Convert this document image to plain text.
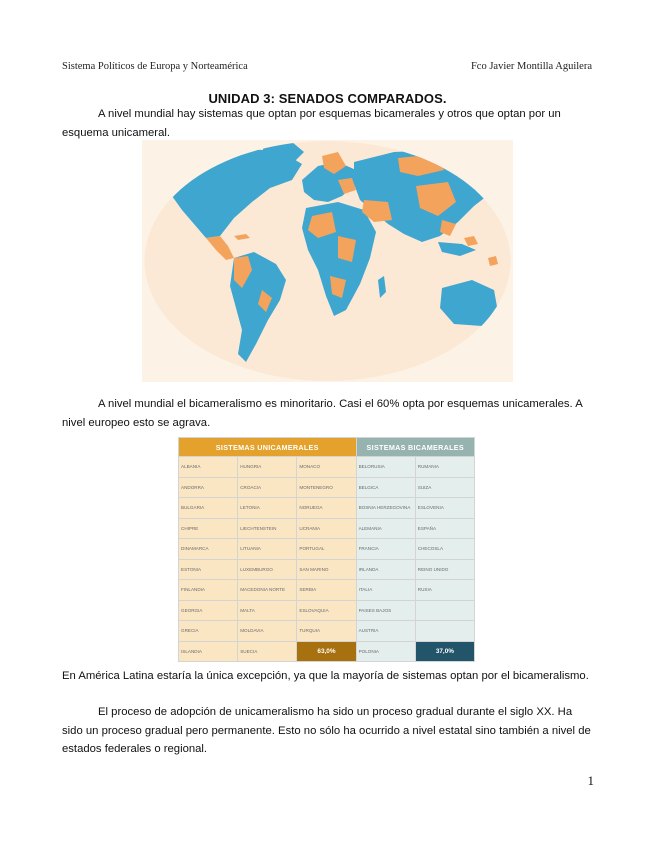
Sistema Políticos de Europa y Norteamérica	Fco Javier Montilla Aguilera
UNIDAD 3: SENADOS COMPARADOS.

A nivel mundial hay sistemas que optan por esquemas bicamerales y otros que optan por un esquema unicameral.

A nivel mundial el bicameralismo es minoritario. Casi el 60% opta por esquemas unicamerales. A nivel europeo esto se agrava.

SISTEMAS UNICAMERALES			SISTEMAS BICAMERALES	
ALBANIA	HUNGRIA	MONACO	BELORUSIA	RUMANIA
ANDORRA	CROACIA	MONTENEGRO	BELGICA	SUIZA
BULGARIA	LETONIA	NORUEGA	BOSNIA HERZEGOVINA	ESLOVENIA
CHIPRE	LIECHTENSTEIN	UCRANIA	ALEMANIA	ESPAÑA
DINAMARCA	LITUANIA	PORTUGAL	FRANCIA	CHECOSLA
ESTONIA	LUXEMBURGO	SAN MARINO	IRLANDA	REINO UNIDO
FINLANDIA	MACEDONIA NORTE	SERBIA	ITALIA	RUSIA
GEORGIA	MALTA	ESLOVAQUIA	PAISES BAJOS	
GRECIA	MOLDAVIA	TURQUIA	AUSTRIA	
ISLANDIA	SUECIA	63,0%	POLONIA	37,0%

En América Latina estaría la única excepción, ya que la mayoría de sistemas optan por el bicameralismo.

El proceso de adopción de unicameralismo ha sido un proceso gradual durante el siglo XX. Ha sido un proceso gradual pero permanente. Esto no sólo ha ocurrido a nivel estatal sino también a nivel de estados federales o regional.

1
